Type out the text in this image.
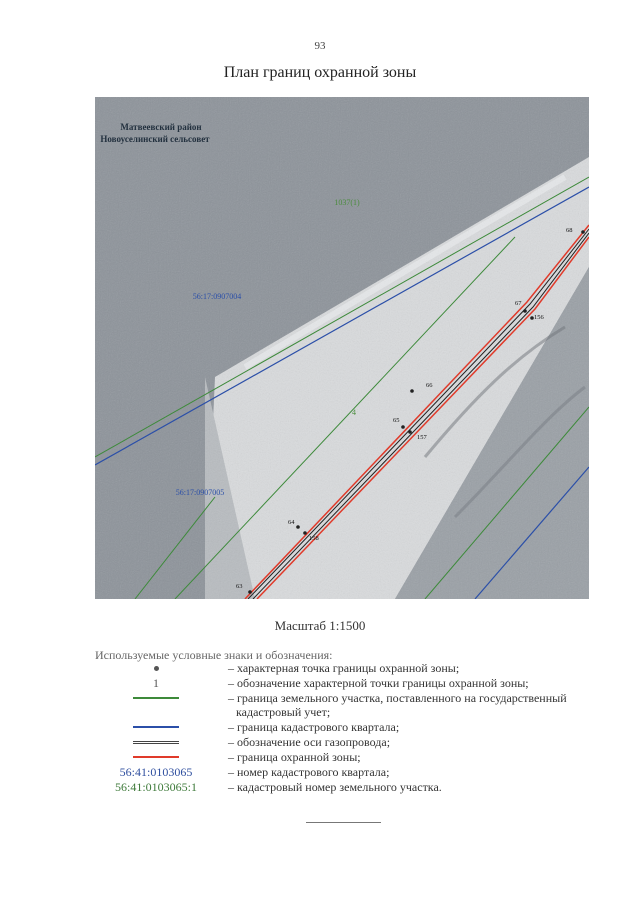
93
План границ охранной зоны
Матвеевский район
Новоуселинский сельсовет
1037(1)
56:17:0907004
56:17:0907005
4
68
67
156
66
65
157
64
158
63
Масштаб 1:1500
Используемые условные знаки и обозначения:
– характерная точка границы охранной зоны;
1	– обозначение характерной точки границы охранной зоны;
– граница земельного участка, поставленного на государственный
кадастровый учет;
– граница кадастрового квартала;
– обозначение оси газопровода;
– граница охранной зоны;
56:41:0103065	– номер кадастрового квартала;
56:41:0103065:1	– кадастровый номер земельного участка.
